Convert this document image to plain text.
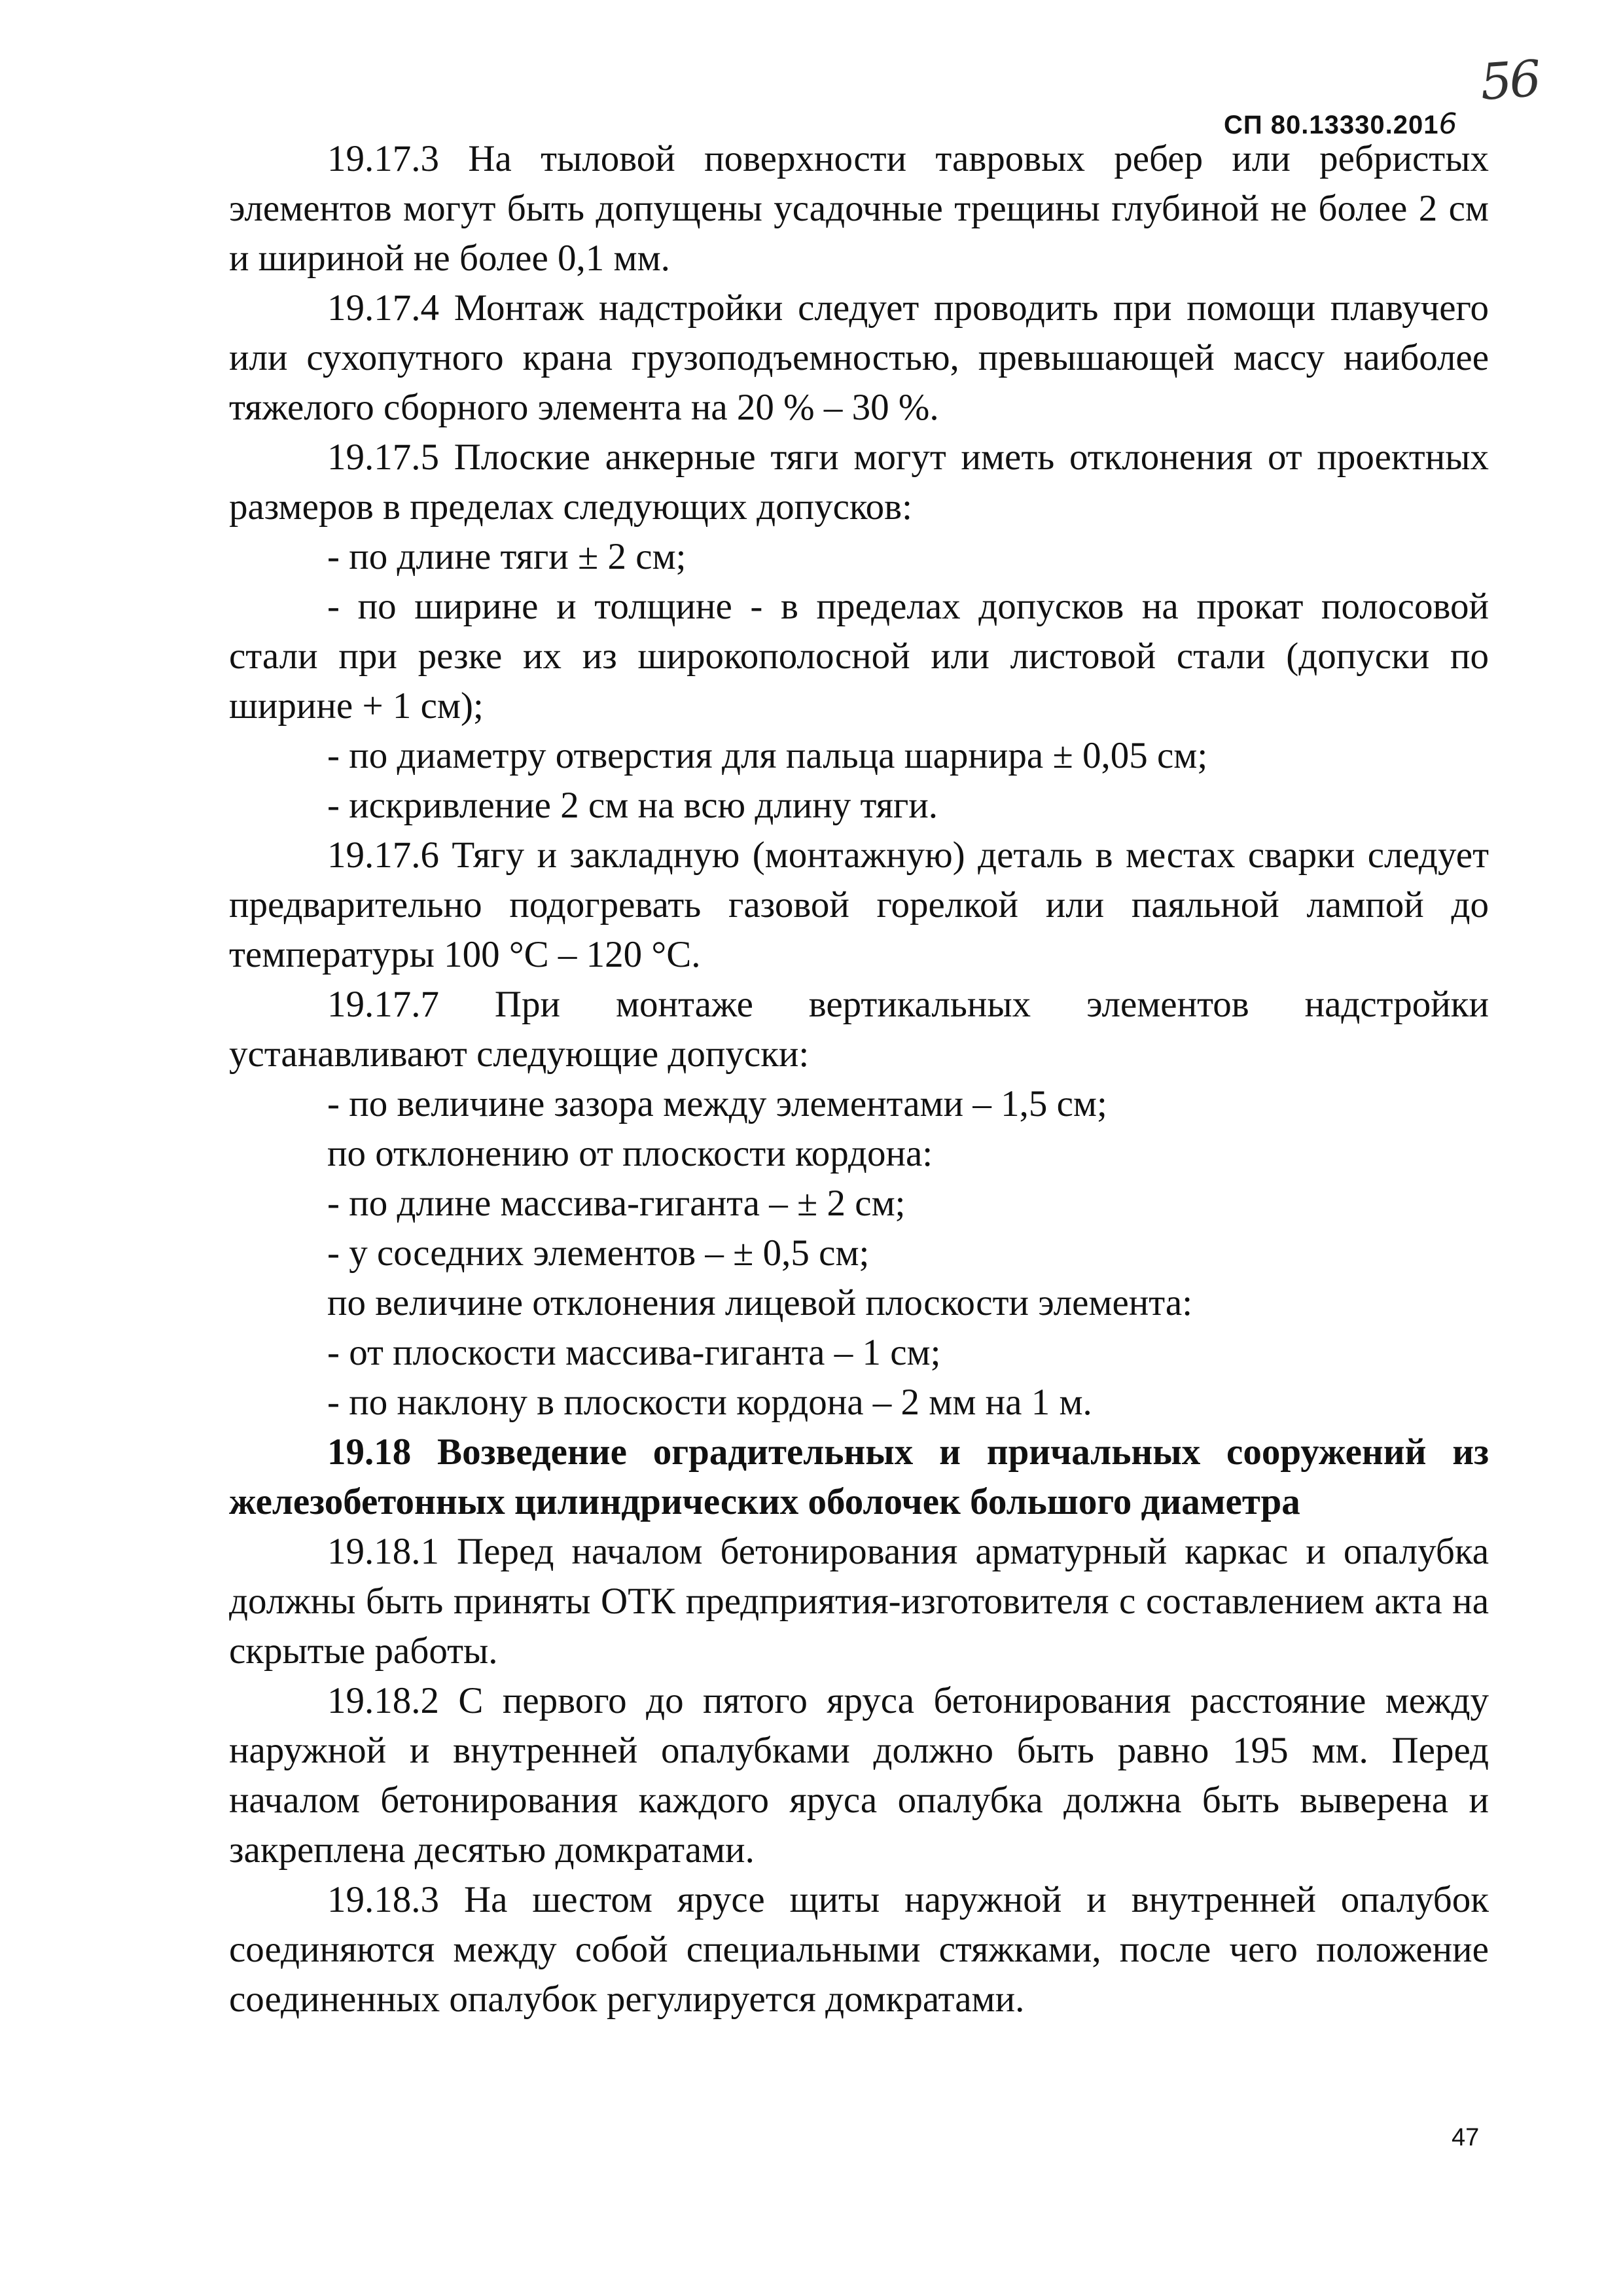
56
СП 80.13330.2016
19.17.3 На тыловой поверхности тавровых ребер или ребристых элементов могут быть допущены усадочные трещины глубиной не более 2 см и шириной не более 0,1 мм.
19.17.4 Монтаж надстройки следует проводить при помощи плавучего или сухопутного крана грузоподъемностью, превышающей массу наиболее тяжелого сборного элемента на 20 % – 30 %.
19.17.5 Плоские анкерные тяги могут иметь отклонения от проектных размеров в пределах следующих допусков:
- по длине тяги ± 2 см;
- по ширине и толщине - в пределах допусков на прокат полосовой стали при резке их из широкополосной или листовой стали (допуски по ширине + 1 см);
- по диаметру отверстия для пальца шарнира ± 0,05 см;
- искривление 2 см на всю длину тяги.
19.17.6 Тягу и закладную (монтажную) деталь в местах сварки следует предварительно подогревать газовой горелкой или паяльной лампой до температуры 100 °C – 120 °C.
19.17.7 При монтаже вертикальных элементов надстройки устанавливают следующие допуски:
- по величине зазора между элементами – 1,5 см;
по отклонению от плоскости кордона:
- по длине массива-гиганта – ± 2 см;
- у соседних элементов – ± 0,5 см;
по величине отклонения лицевой плоскости элемента:
- от плоскости массива-гиганта – 1 см;
- по наклону в плоскости кордона – 2 мм на 1 м.
19.18 Возведение оградительных и причальных сооружений из железобетонных цилиндрических оболочек большого диаметра
19.18.1 Перед началом бетонирования арматурный каркас и опалубка должны быть приняты ОТК предприятия-изготовителя с составлением акта на скрытые работы.
19.18.2 С первого до пятого яруса бетонирования расстояние между наружной и внутренней опалубками должно быть равно 195 мм. Перед началом бетонирования каждого яруса опалубка должна быть выверена и закреплена десятью домкратами.
19.18.3 На шестом ярусе щиты наружной и внутренней опалубок соединяются между собой специальными стяжками, после чего положение соединенных опалубок регулируется домкратами.
47
